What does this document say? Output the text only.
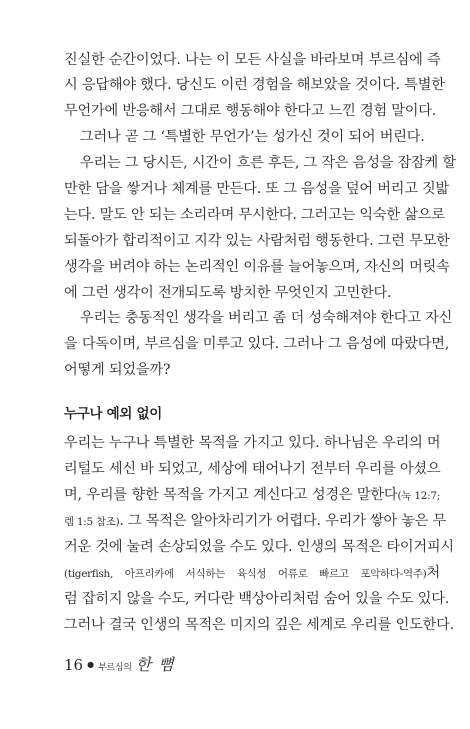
진실한 순간이었다. 나는 이 모든 사실을 바라보며 부르심에 즉
시 응답해야 했다. 당신도 이런 경험을 해보았을 것이다. 특별한
무언가에 반응해서 그대로 행동해야 한다고 느낀 경험 말이다.
그러나 곧 그 ‘특별한 무언가’는 성가신 것이 되어 버린다.
우리는 그 당시든, 시간이 흐른 후든, 그 작은 음성을 잠잠케 할
만한 담을 쌓거나 체계를 만든다. 또 그 음성을 덮어 버리고 짓밟
는다. 말도 안 되는 소리라며 무시한다. 그러고는 익숙한 삶으로
되돌아가 합리적이고 지각 있는 사람처럼 행동한다. 그런 무모한
생각을 버려야 하는 논리적인 이유를 늘어놓으며, 자신의 머릿속
에 그런 생각이 전개되도록 방치한 무엇인지 고민한다.
우리는 충동적인 생각을 버리고 좀 더 성숙해져야 한다고 자신
을 다독이며, 부르심을 미루고 있다. 그러나 그 음성에 따랐다면,
어떻게 되었을까?
누구나 예외 없이
우리는 누구나 특별한 목적을 가지고 있다. 하나님은 우리의 머
리털도 세신 바 되었고, 세상에 태어나기 전부터 우리를 아셨으
며, 우리를 향한 목적을 가지고 계신다고 성경은 말한다(눅 12:7;
렘 1:5 참조). 그 목적은 알아차리기가 어렵다. 우리가 쌓아 놓은 무
거운 것에 눌려 손상되었을 수도 있다. 인생의 목적은 타이거피시
(tigerfish, 아프리카에 서식하는 육식성 어류로 빠르고 포악하다-역주)처
럼 잡히지 않을 수도, 커다란 백상아리처럼 숨어 있을 수도 있다.
그러나 결국 인생의 목적은 미지의 깊은 세계로 우리를 인도한다.
16 ● 부르심의 한 뼘
